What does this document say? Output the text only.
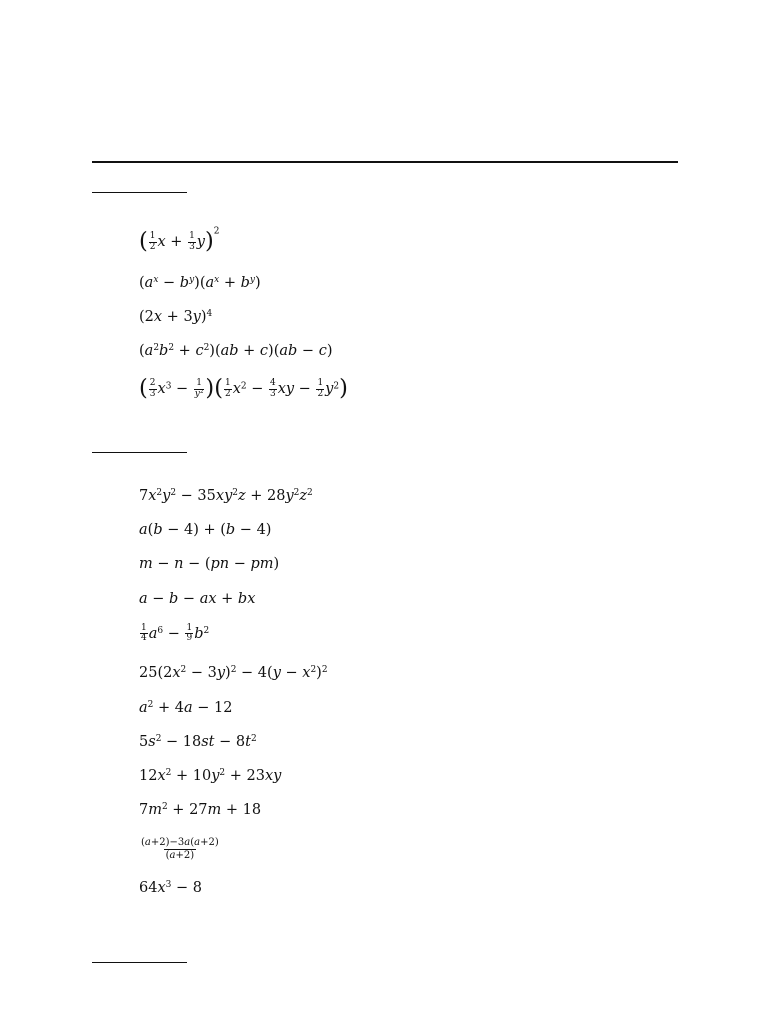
( $\frac{1}{2}$ $x + \frac{1}{3} y)^2$
$(a^x - b^y)(a^x + b^y)$
$(2x + 3y)^4$
$(a^2b^2 + c^2)(ab + c)(ab - c)$
( $\frac{2}{3} x^3 - \frac{1}{y^2}$ )( $\frac{1}{2} x^2 - \frac{4}{3}$ xy − $\frac{1}{2} y^2$)
$7x^2y^2 - 35xy^2z + 28y^2z^2$
a(b − 4) + (b − 4)
m − n − (pn − pm)
a − b − ax + bx
$\frac{1}{4} a^6 - \frac{1}{9} b^2$
$25(2x^2 - 3y)^2 - 4(y - x^2)^2$
$a^2 + 4a - 12$
$5s^2 - 18st - 8t^2$
$12x^2 + 10y^2 + 23xy$
$7m^2 + 27m + 18$
$\frac{(a+2)-3a(a+2)}{(a+2)}$
$64x^3 - 8$
